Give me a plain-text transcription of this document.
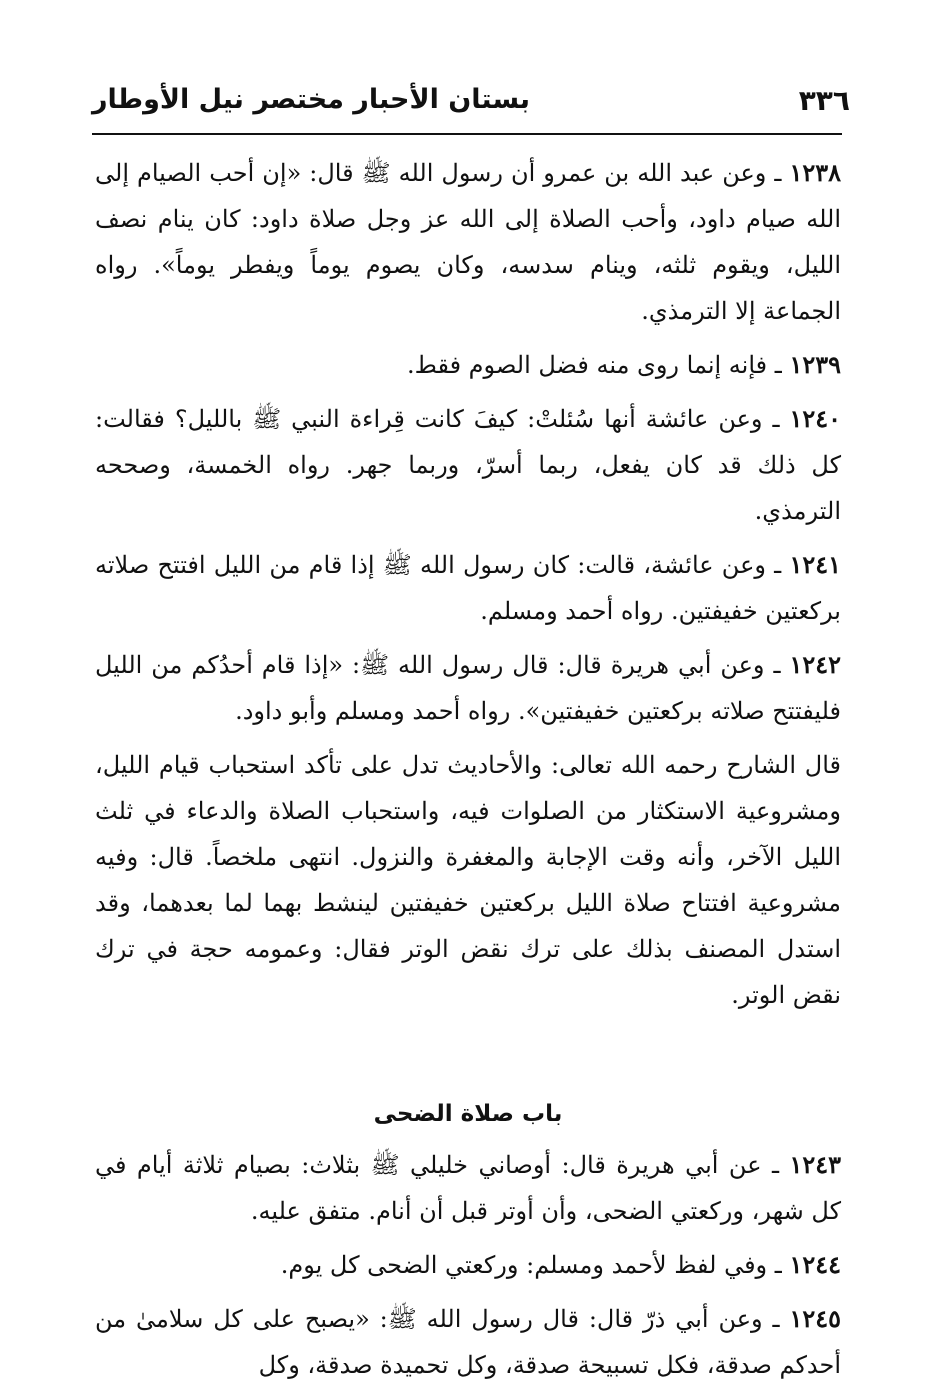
٣٣٦
بستان الأحبار مختصر نيل الأوطار

١٢٣٨ ـ وعن عبد الله بن عمرو أن رسول الله ﷺ قال: «إن أحب الصيام إلى الله صيام داود، وأحب الصلاة إلى الله عز وجل صلاة داود: كان ينام نصف الليل، ويقوم ثلثه، وينام سدسه، وكان يصوم يوماً ويفطر يوماً». رواه الجماعة إلا الترمذي.

١٢٣٩ ـ فإنه إنما روى منه فضل الصوم فقط.

١٢٤٠ ـ وعن عائشة أنها سُئلتْ: كيفَ كانت قِراءة النبي ﷺ بالليل؟ فقالت: كل ذلك قد كان يفعل، ربما أسرّ، وربما جهر. رواه الخمسة، وصححه الترمذي.

١٢٤١ ـ وعن عائشة، قالت: كان رسول الله ﷺ إذا قام من الليل افتتح صلاته بركعتين خفيفتين. رواه أحمد ومسلم.

١٢٤٢ ـ وعن أبي هريرة قال: قال رسول الله ﷺ: «إذا قام أحدُكم من الليل فليفتتح صلاته بركعتين خفيفتين». رواه أحمد ومسلم وأبو داود.

قال الشارح رحمه الله تعالى: والأحاديث تدل على تأكد استحباب قيام الليل، ومشروعية الاستكثار من الصلوات فيه، واستحباب الصلاة والدعاء في ثلث الليل الآخر، وأنه وقت الإجابة والمغفرة والنزول. انتهى ملخصاً. قال: وفيه مشروعية افتتاح صلاة الليل بركعتين خفيفتين لينشط بهما لما بعدهما، وقد استدل المصنف بذلك على ترك نقض الوتر فقال: وعمومه حجة في ترك نقض الوتر.

باب صلاة الضحى

١٢٤٣ ـ عن أبي هريرة قال: أوصاني خليلي ﷺ بثلاث: بصيام ثلاثة أيام في كل شهر، وركعتي الضحى، وأن أوتر قبل أن أنام. متفق عليه.

١٢٤٤ ـ وفي لفظ لأحمد ومسلم: وركعتي الضحى كل يوم.

١٢٤٥ ـ وعن أبي ذرّ قال: قال رسول الله ﷺ: «يصبح على كل سلامىٰ من أحدكم صدقة، فكل تسبيحة صدقة، وكل تحميدة صدقة، وكل
